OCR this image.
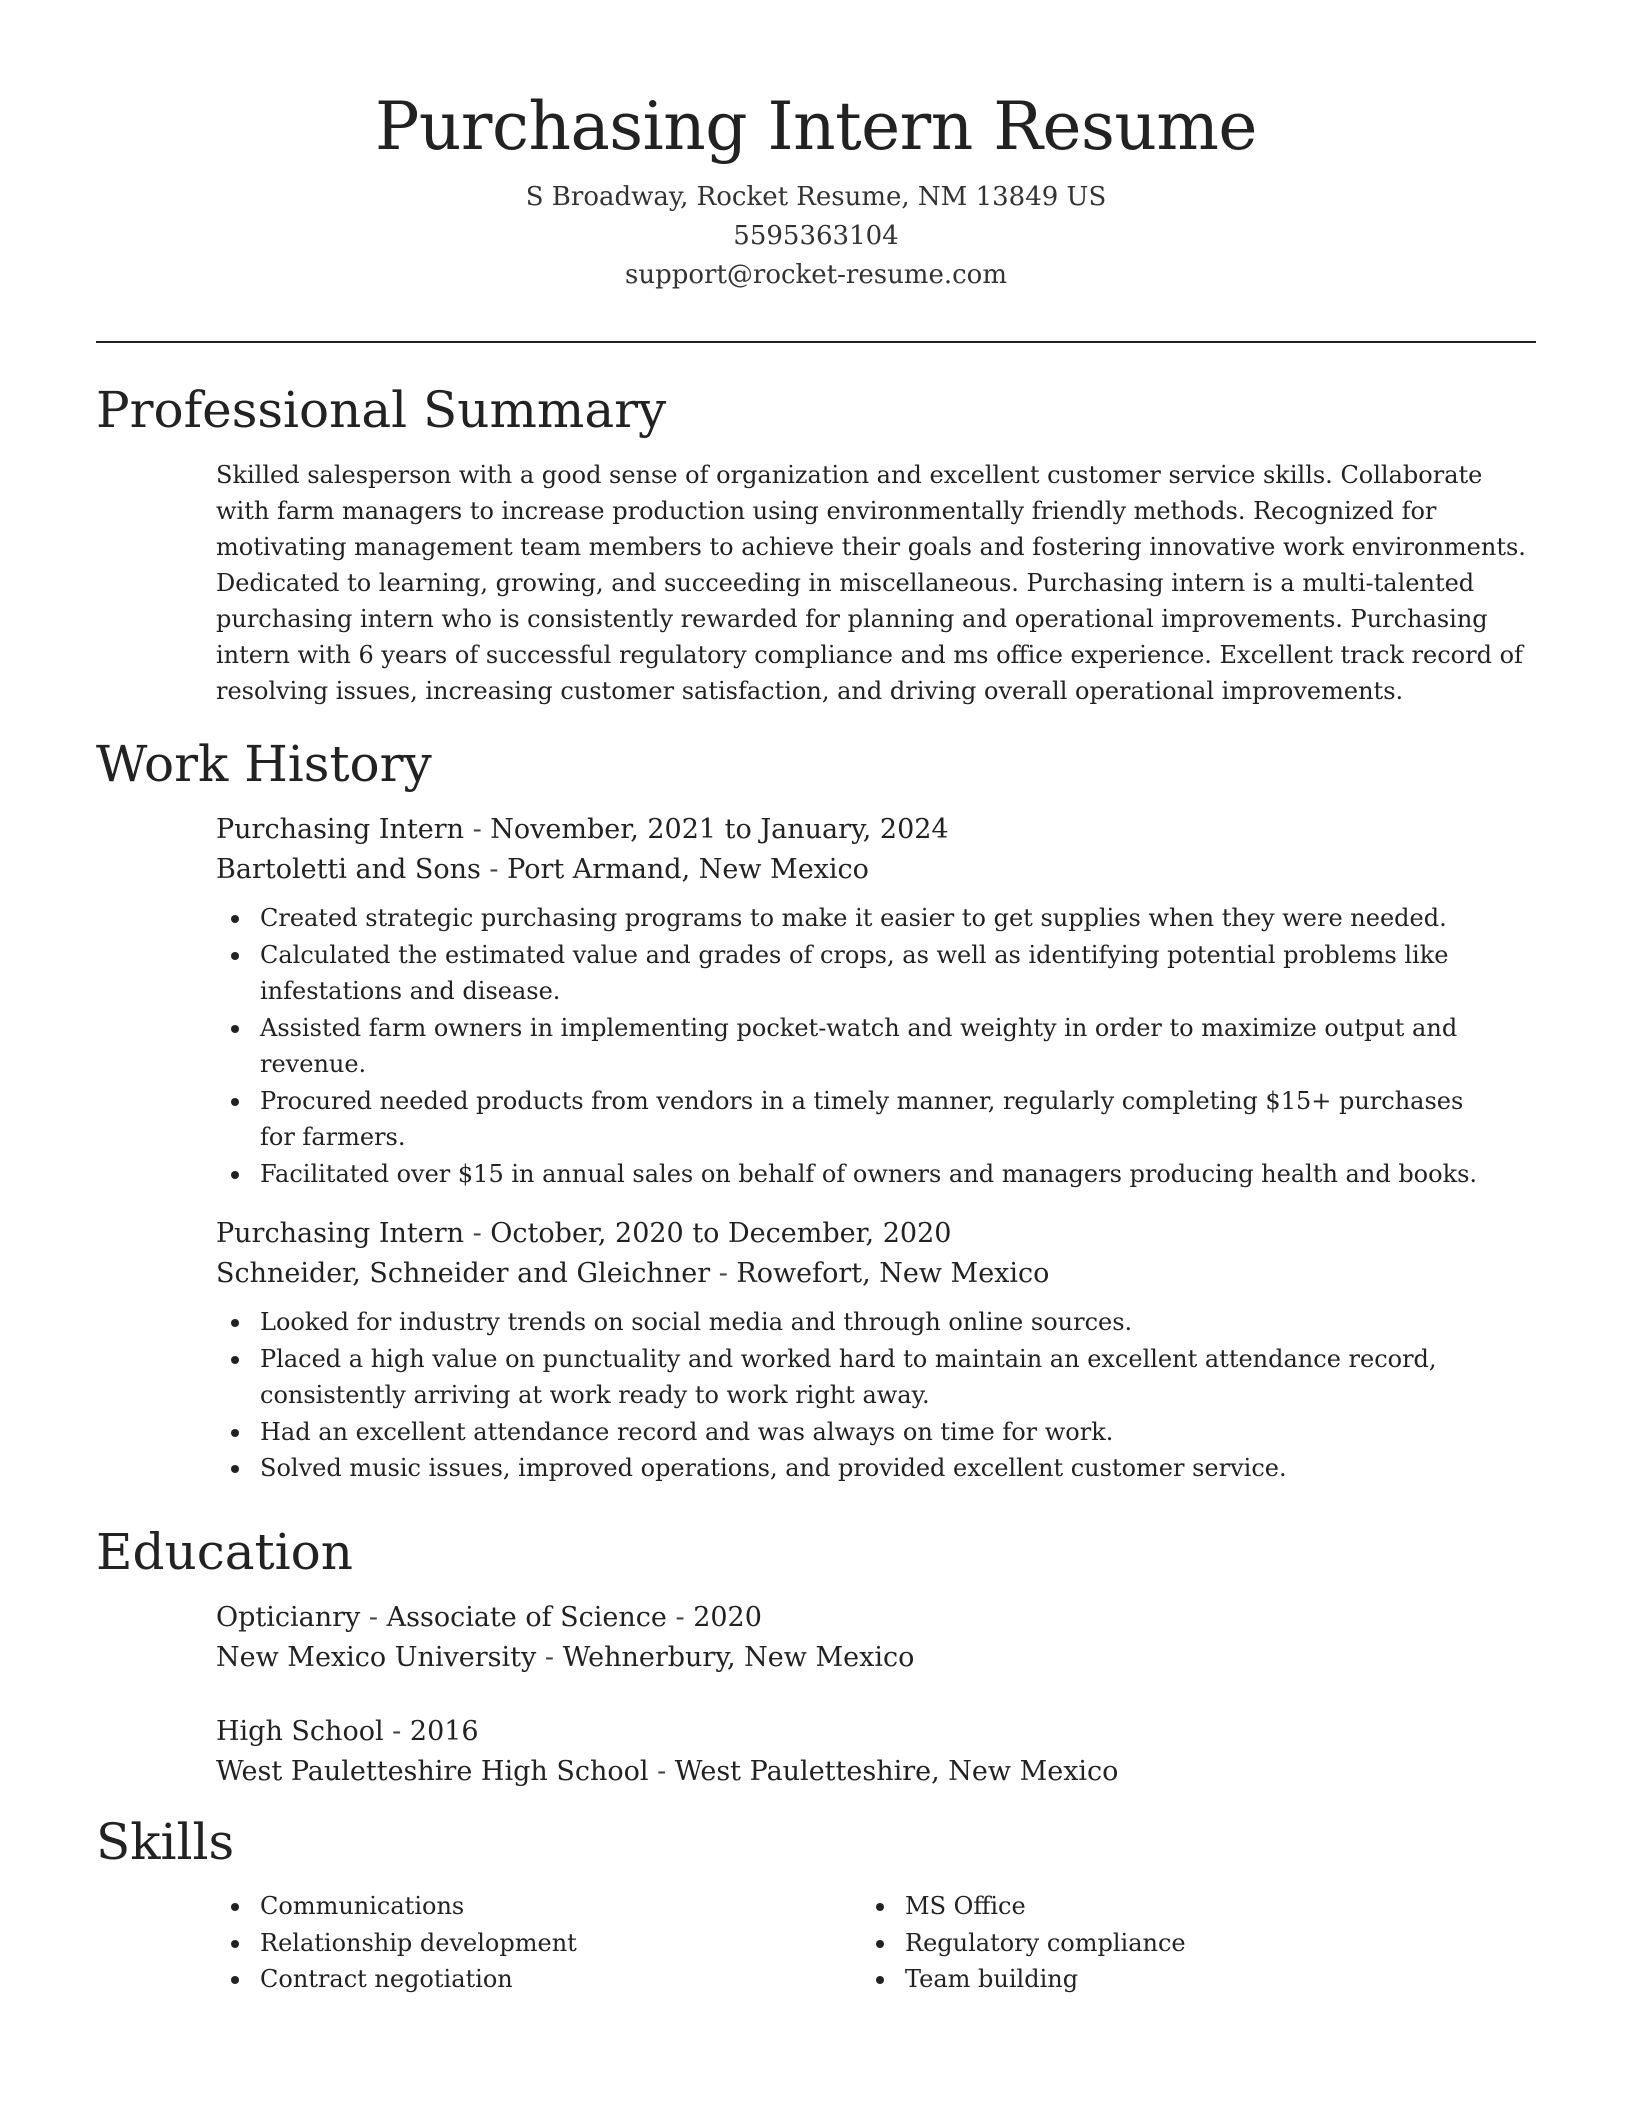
Purchasing Intern Resume
S Broadway, Rocket Resume, NM 13849 US
5595363104
support@rocket-resume.com
Professional Summary

Skilled salesperson with a good sense of organization and excellent customer service skills. Collaborate with farm managers to increase production using environmentally friendly methods. Recognized for motivating management team members to achieve their goals and fostering innovative work environments. Dedicated to learning, growing, and succeeding in miscellaneous. Purchasing intern is a multi-talented purchasing intern who is consistently rewarded for planning and operational improvements. Purchasing intern with 6 years of successful regulatory compliance and ms office experience. Excellent track record of resolving issues, increasing customer satisfaction, and driving overall operational improvements.

Work History
Purchasing Intern - November, 2021 to January, 2024
Bartoletti and Sons - Port Armand, New Mexico
Created strategic purchasing programs to make it easier to get supplies when they were needed.
Calculated the estimated value and grades of crops, as well as identifying potential problems like infestations and disease.
Assisted farm owners in implementing pocket-watch and weighty in order to maximize output and revenue.
Procured needed products from vendors in a timely manner, regularly completing $15+ purchases for farmers.
Facilitated over $15 in annual sales on behalf of owners and managers producing health and books.
Purchasing Intern - October, 2020 to December, 2020
Schneider, Schneider and Gleichner - Rowefort, New Mexico
Looked for industry trends on social media and through online sources.
Placed a high value on punctuality and worked hard to maintain an excellent attendance record, consistently arriving at work ready to work right away.
Had an excellent attendance record and was always on time for work.
Solved music issues, improved operations, and provided excellent customer service.
Education
Opticianry - Associate of Science - 2020
New Mexico University - Wehnerbury, New Mexico
High School - 2016
West Pauletteshire High School - West Pauletteshire, New Mexico
Skills
Communications
Relationship development
Contract negotiation
MS Office
Regulatory compliance
Team building
